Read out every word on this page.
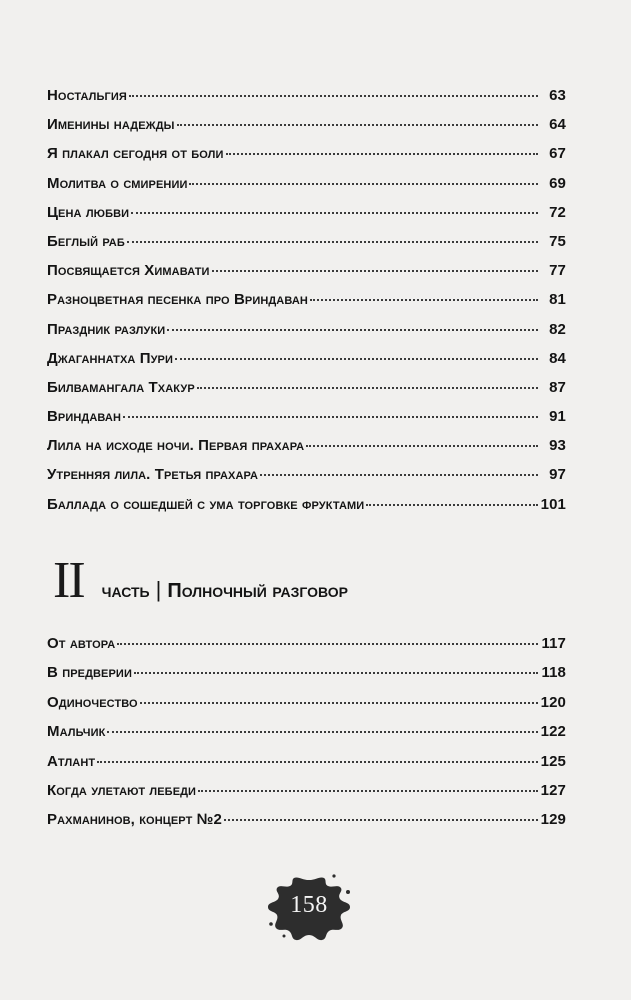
Ностальгия	63
Именины надежды	64
Я плакал сегодня от боли	67
Молитва о смирении	69
Цена любви	72
Беглый раб	75
Посвящается Химавати	77
Разноцветная песенка про Вриндаван	81
Праздник разлуки	82
Джаганнатха Пури	84
Билвамангала Тхакур	87
Вриндаван	91
Лила на исходе ночи. Первая прахара	93
Утренняя лила. Третья прахара	97
Баллада о сошедшей с ума торговке фруктами	101
II часть | Полночный разговор
От автора	117
В предверии	118
Одиночество	120
Мальчик	122
Атлант	125
Когда улетают лебеди	127
Рахманинов, концерт №2	129
158
